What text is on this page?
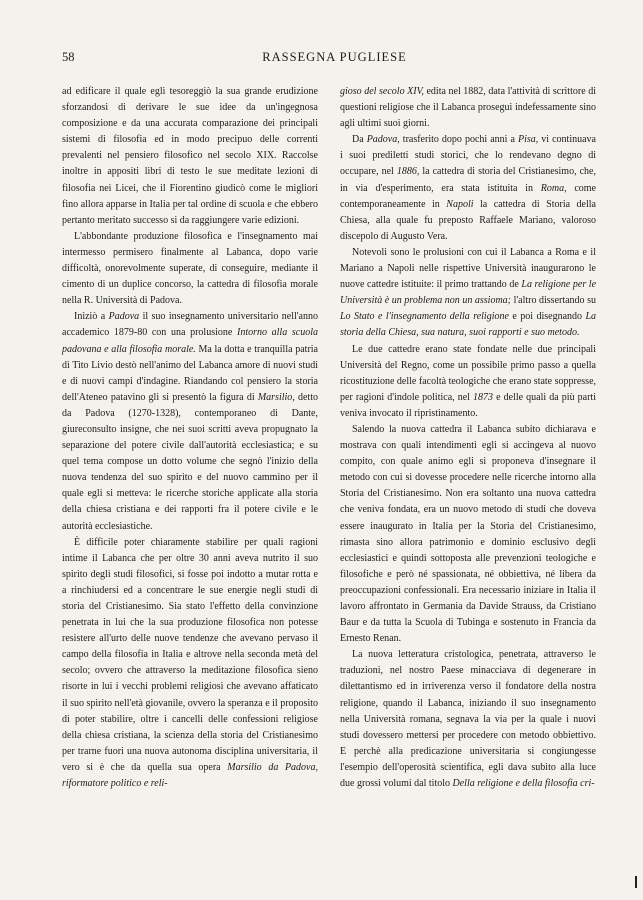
58	RASSEGNA PUGLIESE

ad edificare il quale egli tesoreggiò la sua grande erudizione sforzandosi di derivare le sue idee da un'ingegnosa composizione e da una accurata comparazione dei principali sistemi di filosofia ed in modo precipuo delle correnti prevalenti nel pensiero filosofico nel secolo XIX. Raccolse inoltre in appositi libri di testo le sue meditate lezioni di filosofia nei Licei, che il Fiorentino giudicò come le migliori fino allora apparse in Italia per tal ordine di scuola e che ebbero pertanto meritato successo si da raggiungere varie edizioni.

L'abbondante produzione filosofica e l'insegnamento mai intermesso permisero finalmente al Labanca, dopo varie difficoltà, onorevolmente superate, di conseguire, mediante il cimento di un duplice concorso, la cattedra di filosofia morale nella R. Università di Padova.

Iniziò a Padova il suo insegnamento universitario nell'anno accademico 1879-80 con una prolusione Intorno alla scuola padovana e alla filosofia morale. Ma la dotta e tranquilla patria di Tito Livio destò nell'animo del Labanca amore di nuovi studi e di nuovi campi d'indagine. Riandando col pensiero la storia dell'Ateneo patavino gli si presentò la figura di Marsilio, detto da Padova (1270-1328), contemporaneo di Dante, giureconsulto insigne, che nei suoi scritti aveva propugnato la separazione del potere civile dall'autorità ecclesiastica; e su quel tema compose un dotto volume che segnò l'inizio della nuova tendenza del suo spirito e del nuovo cammino per il quale egli si metteva: le ricerche storiche applicate alla storia della chiesa cristiana e dei rapporti fra il potere civile e le autorità ecclesiastiche.

È difficile poter chiaramente stabilire per quali ragioni intime il Labanca che per oltre 30 anni aveva nutrito il suo spirito degli studi filosofici, si fosse poi indotto a mutar rotta e a rinchiudersi ed a concentrare le sue energie negli studi di storia del Cristianesimo. Sia stato l'effetto della convinzione penetrata in lui che la sua produzione filosofica non potesse resistere all'urto delle nuove tendenze che avevano pervaso il campo della filosofia in Italia e altrove nella seconda metà del secolo; ovvero che attraverso la meditazione filosofica sieno risorte in lui i vecchi problemi religiosi che avevano affaticato il suo spirito nell'età giovanile, ovvero la speranza e il proposito di poter stabilire, oltre i cancelli delle confessioni religiose della chiesa cristiana, la scienza della storia del Cristianesimo per trarne fuori una nuova autonoma disciplina universitaria, il vero si è che da quella sua opera Marsilio da Padova, riformatore politico e reli-

gioso del secolo XIV, edita nel 1882, data l'attività di scrittore di questioni religiose che il Labanca prosegui indefessamente sino agli ultimi suoi giorni.

Da Padova, trasferito dopo pochi anni a Pisa, vi continuava i suoi prediletti studi storici, che lo rendevano degno di occupare, nel 1886, la cattedra di storia del Cristianesimo, che, in via d'esperimento, era stata istituita in Roma, come contemporaneamente in Napoli la cattedra di Storia della Chiesa, alla quale fu preposto Raffaele Mariano, valoroso discepolo di Augusto Vera.

Notevoli sono le prolusioni con cui il Labanca a Roma e il Mariano a Napoli nelle rispettive Università inaugurarono le nuove cattedre istituite: il primo trattando de La religione per le Università è un problema non un assioma; l'altro dissertando su Lo Stato e l'insegnamento della religione e poi disegnando La storia della Chiesa, sua natura, suoi rapporti e suo metodo.

Le due cattedre erano state fondate nelle due principali Università del Regno, come un possibile primo passo a quella ricostituzione delle facoltà teologiche che erano state soppresse, per ragioni d'indole politica, nel 1873 e delle quali da più parti veniva invocato il ripristinamento.

Salendo la nuova cattedra il Labanca subito dichiarava e mostrava con quali intendimenti egli si accingeva al nuovo compito, con quale animo egli si proponeva d'insegnare il metodo con cui si dovesse procedere nelle ricerche intorno alla Storia del Cristianesimo. Non era soltanto una nuova cattedra che veniva fondata, era un nuovo metodo di studi che doveva essere inaugurato in Italia per la Storia del Cristianesimo, rimasta sino allora patrimonio e dominio esclusivo degli ecclesiastici e quindi sottoposta alle prevenzioni teologiche e filosofiche e però né spassionata, né obbiettiva, né libera da preoccupazioni confessionali. Era necessario iniziare in Italia il lavoro affrontato in Germania da Davide Strauss, da Cristiano Baur e da tutta la Scuola di Tubinga e sostenuto in Francia da Ernesto Renan.

La nuova letteratura cristologica, penetrata, attraverso le traduzioni, nel nostro Paese minacciava di degenerare in dilettantismo ed in irriverenza verso il fondatore della nostra religione, quando il Labanca, iniziando il suo insegnamento nella Università romana, segnava la via per la quale i nuovi studi dovessero mettersi per procedere con metodo obbiettivo. E perchè alla predicazione universitaria si congiungesse l'esempio dell'operosità scientifica, egli dava subito alla luce due grossi volumi dal titolo Della religione e della filosofia cri-
